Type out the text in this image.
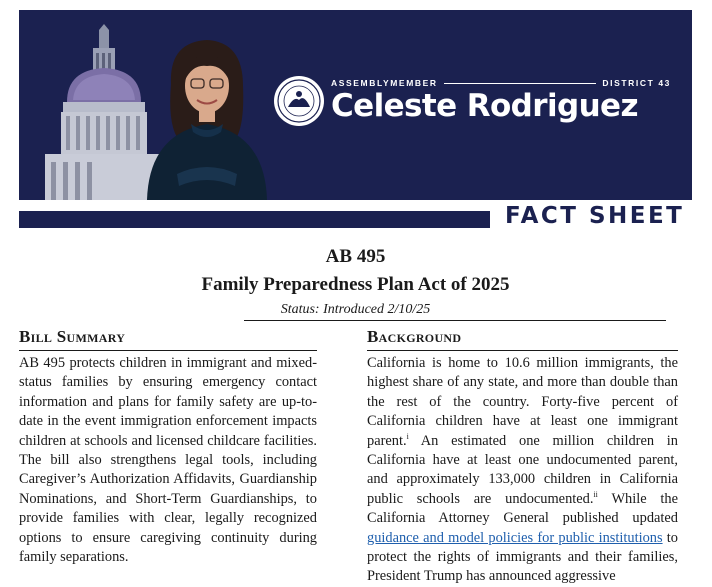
ASSEMBLYMEMBER	DISTRICT 43
Celeste Rodriguez
FACT SHEET
AB 495
Family Preparedness Plan Act of 2025
Status: Introduced 2/10/25
Bill Summary
AB 495 protects children in immigrant and mixed-status families by ensuring emergency contact information and plans for family safety are up-to-date in the event immigration enforcement impacts children at schools and licensed childcare facilities. The bill also strengthens legal tools, including Caregiver’s Authorization Affidavits, Guardianship Nominations, and Short-Term Guardianships, to provide families with clear, legally recognized options to ensure caregiving continuity during family separations.
Background
California is home to 10.6 million immigrants, the highest share of any state, and more than double than the rest of the country. Forty-five percent of California children have at least one immigrant parent.$^i$ An estimated one million children in California have at least one undocumented parent, and approximately 133,000 children in California public schools are undocumented.$^{ii}$ While the California Attorney General published updated guidance and model policies for public institutions to protect the rights of immigrants and their families, President Trump has announced aggressive
